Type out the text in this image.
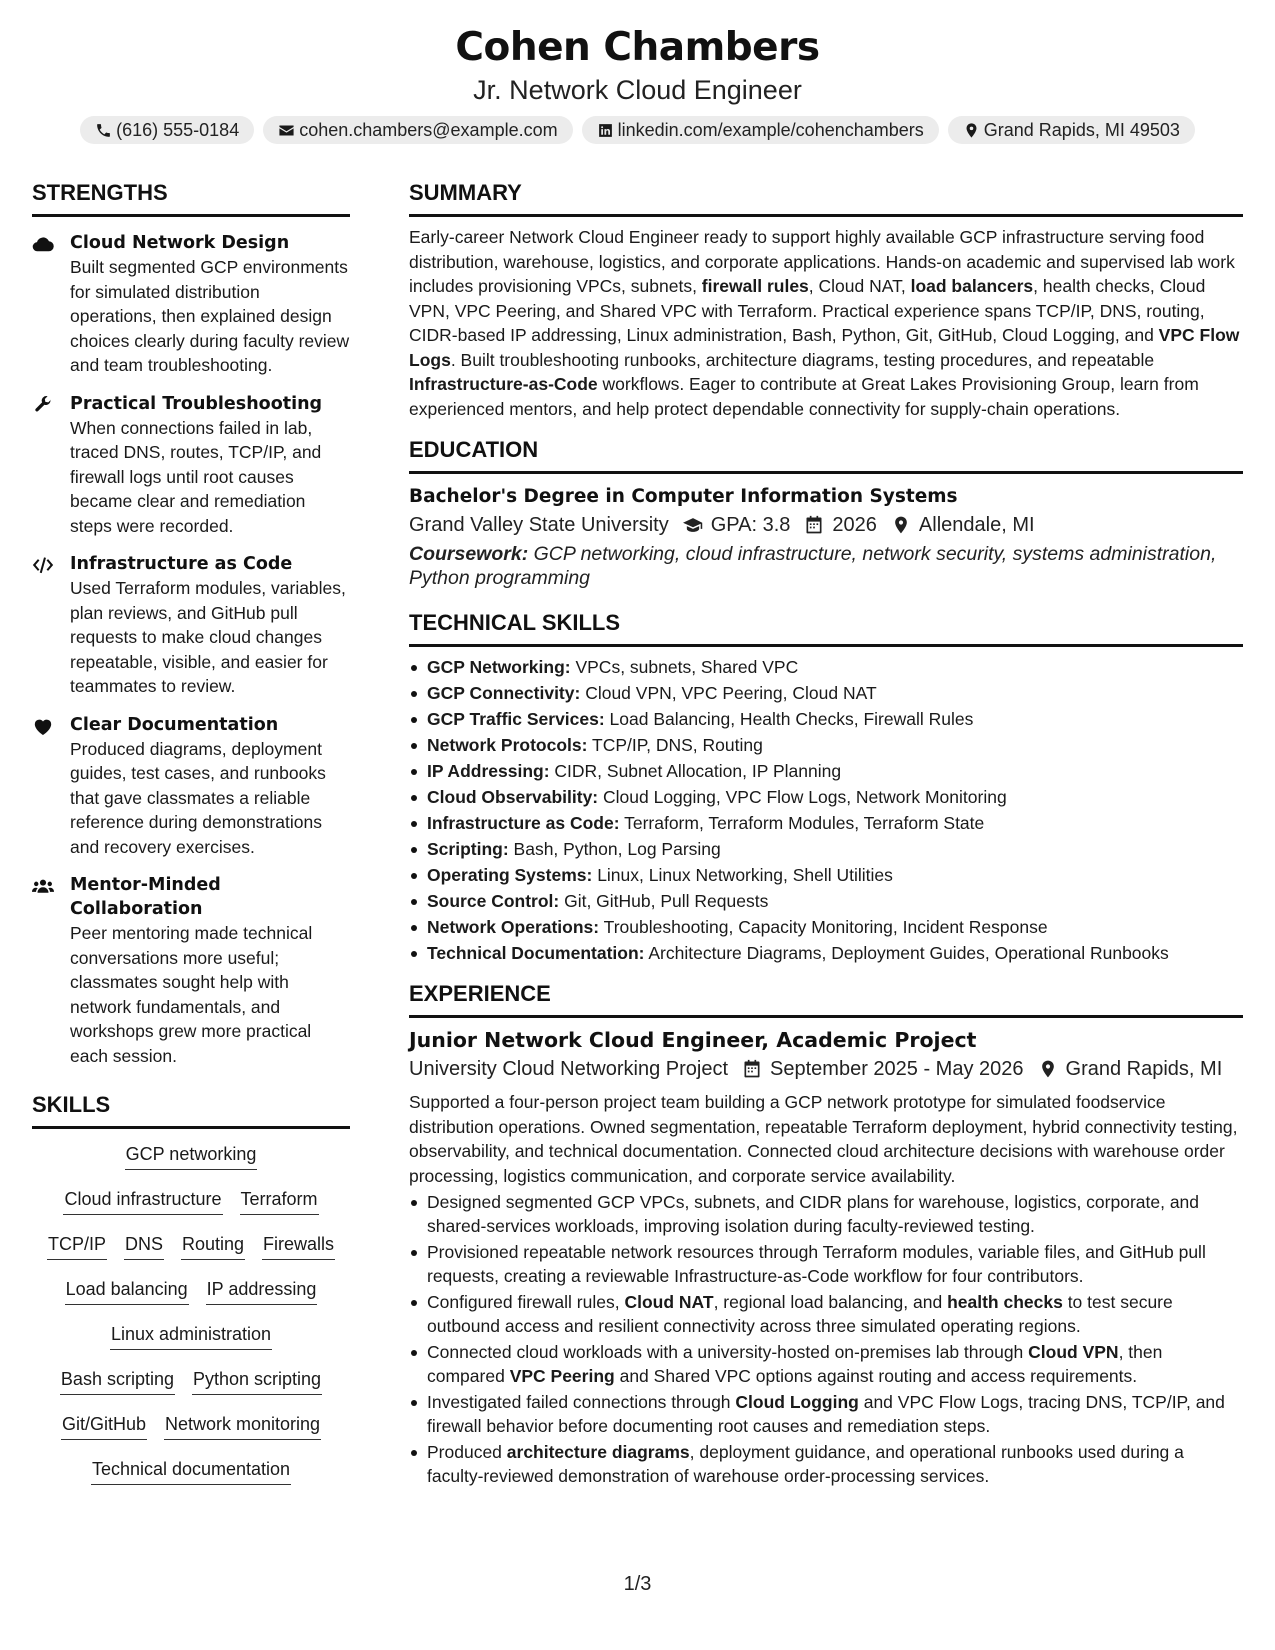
Cohen Chambers
Jr. Network Cloud Engineer
(616) 555-0184	cohen.chambers@example.com	linkedin.com/example/cohenchambers	Grand Rapids, MI 49503
STRENGTHS
Cloud Network Design
Built segmented GCP environments for simulated distribution operations, then explained design choices clearly during faculty review and team troubleshooting.
Practical Troubleshooting
When connections failed in lab, traced DNS, routes, TCP/IP, and firewall logs until root causes became clear and remediation steps were recorded.
Infrastructure as Code
Used Terraform modules, variables, plan reviews, and GitHub pull requests to make cloud changes repeatable, visible, and easier for teammates to review.
Clear Documentation
Produced diagrams, deployment guides, test cases, and runbooks that gave classmates a reliable reference during demonstrations and recovery exercises.
Mentor-Minded Collaboration
Peer mentoring made technical conversations more useful; classmates sought help with network fundamentals, and workshops grew more practical each session.
SKILLS
GCP networking
Cloud infrastructure Terraform
TCP/IP DNS Routing Firewalls
Load balancing IP addressing
Linux administration
Bash scripting Python scripting
Git/GitHub Network monitoring
Technical documentation
SUMMARY
Early-career Network Cloud Engineer ready to support highly available GCP infrastructure serving food distribution, warehouse, logistics, and corporate applications. Hands-on academic and supervised lab work includes provisioning VPCs, subnets, firewall rules, Cloud NAT, load balancers, health checks, Cloud VPN, VPC Peering, and Shared VPC with Terraform. Practical experience spans TCP/IP, DNS, routing, CIDR-based IP addressing, Linux administration, Bash, Python, Git, GitHub, Cloud Logging, and VPC Flow Logs. Built troubleshooting runbooks, architecture diagrams, testing procedures, and repeatable Infrastructure-as-Code workflows. Eager to contribute at Great Lakes Provisioning Group, learn from experienced mentors, and help protect dependable connectivity for supply-chain operations.
EDUCATION
Bachelor's Degree in Computer Information Systems
Grand Valley State University GPA: 3.8 2026 Allendale, MI
Coursework: GCP networking, cloud infrastructure, network security, systems administration, Python programming
TECHNICAL SKILLS
GCP Networking: VPCs, subnets, Shared VPC
GCP Connectivity: Cloud VPN, VPC Peering, Cloud NAT
GCP Traffic Services: Load Balancing, Health Checks, Firewall Rules
Network Protocols: TCP/IP, DNS, Routing
IP Addressing: CIDR, Subnet Allocation, IP Planning
Cloud Observability: Cloud Logging, VPC Flow Logs, Network Monitoring
Infrastructure as Code: Terraform, Terraform Modules, Terraform State
Scripting: Bash, Python, Log Parsing
Operating Systems: Linux, Linux Networking, Shell Utilities
Source Control: Git, GitHub, Pull Requests
Network Operations: Troubleshooting, Capacity Monitoring, Incident Response
Technical Documentation: Architecture Diagrams, Deployment Guides, Operational Runbooks
EXPERIENCE
Junior Network Cloud Engineer, Academic Project
University Cloud Networking Project September 2025 - May 2026 Grand Rapids, MI
Supported a four-person project team building a GCP network prototype for simulated foodservice distribution operations. Owned segmentation, repeatable Terraform deployment, hybrid connectivity testing, observability, and technical documentation. Connected cloud architecture decisions with warehouse order processing, logistics communication, and corporate service availability.
Designed segmented GCP VPCs, subnets, and CIDR plans for warehouse, logistics, corporate, and shared-services workloads, improving isolation during faculty-reviewed testing.
Provisioned repeatable network resources through Terraform modules, variable files, and GitHub pull requests, creating a reviewable Infrastructure-as-Code workflow for four contributors.
Configured firewall rules, Cloud NAT, regional load balancing, and health checks to test secure outbound access and resilient connectivity across three simulated operating regions.
Connected cloud workloads with a university-hosted on-premises lab through Cloud VPN, then compared VPC Peering and Shared VPC options against routing and access requirements.
Investigated failed connections through Cloud Logging and VPC Flow Logs, tracing DNS, TCP/IP, and firewall behavior before documenting root causes and remediation steps.
Produced architecture diagrams, deployment guidance, and operational runbooks used during a faculty-reviewed demonstration of warehouse order-processing services.
1/3
